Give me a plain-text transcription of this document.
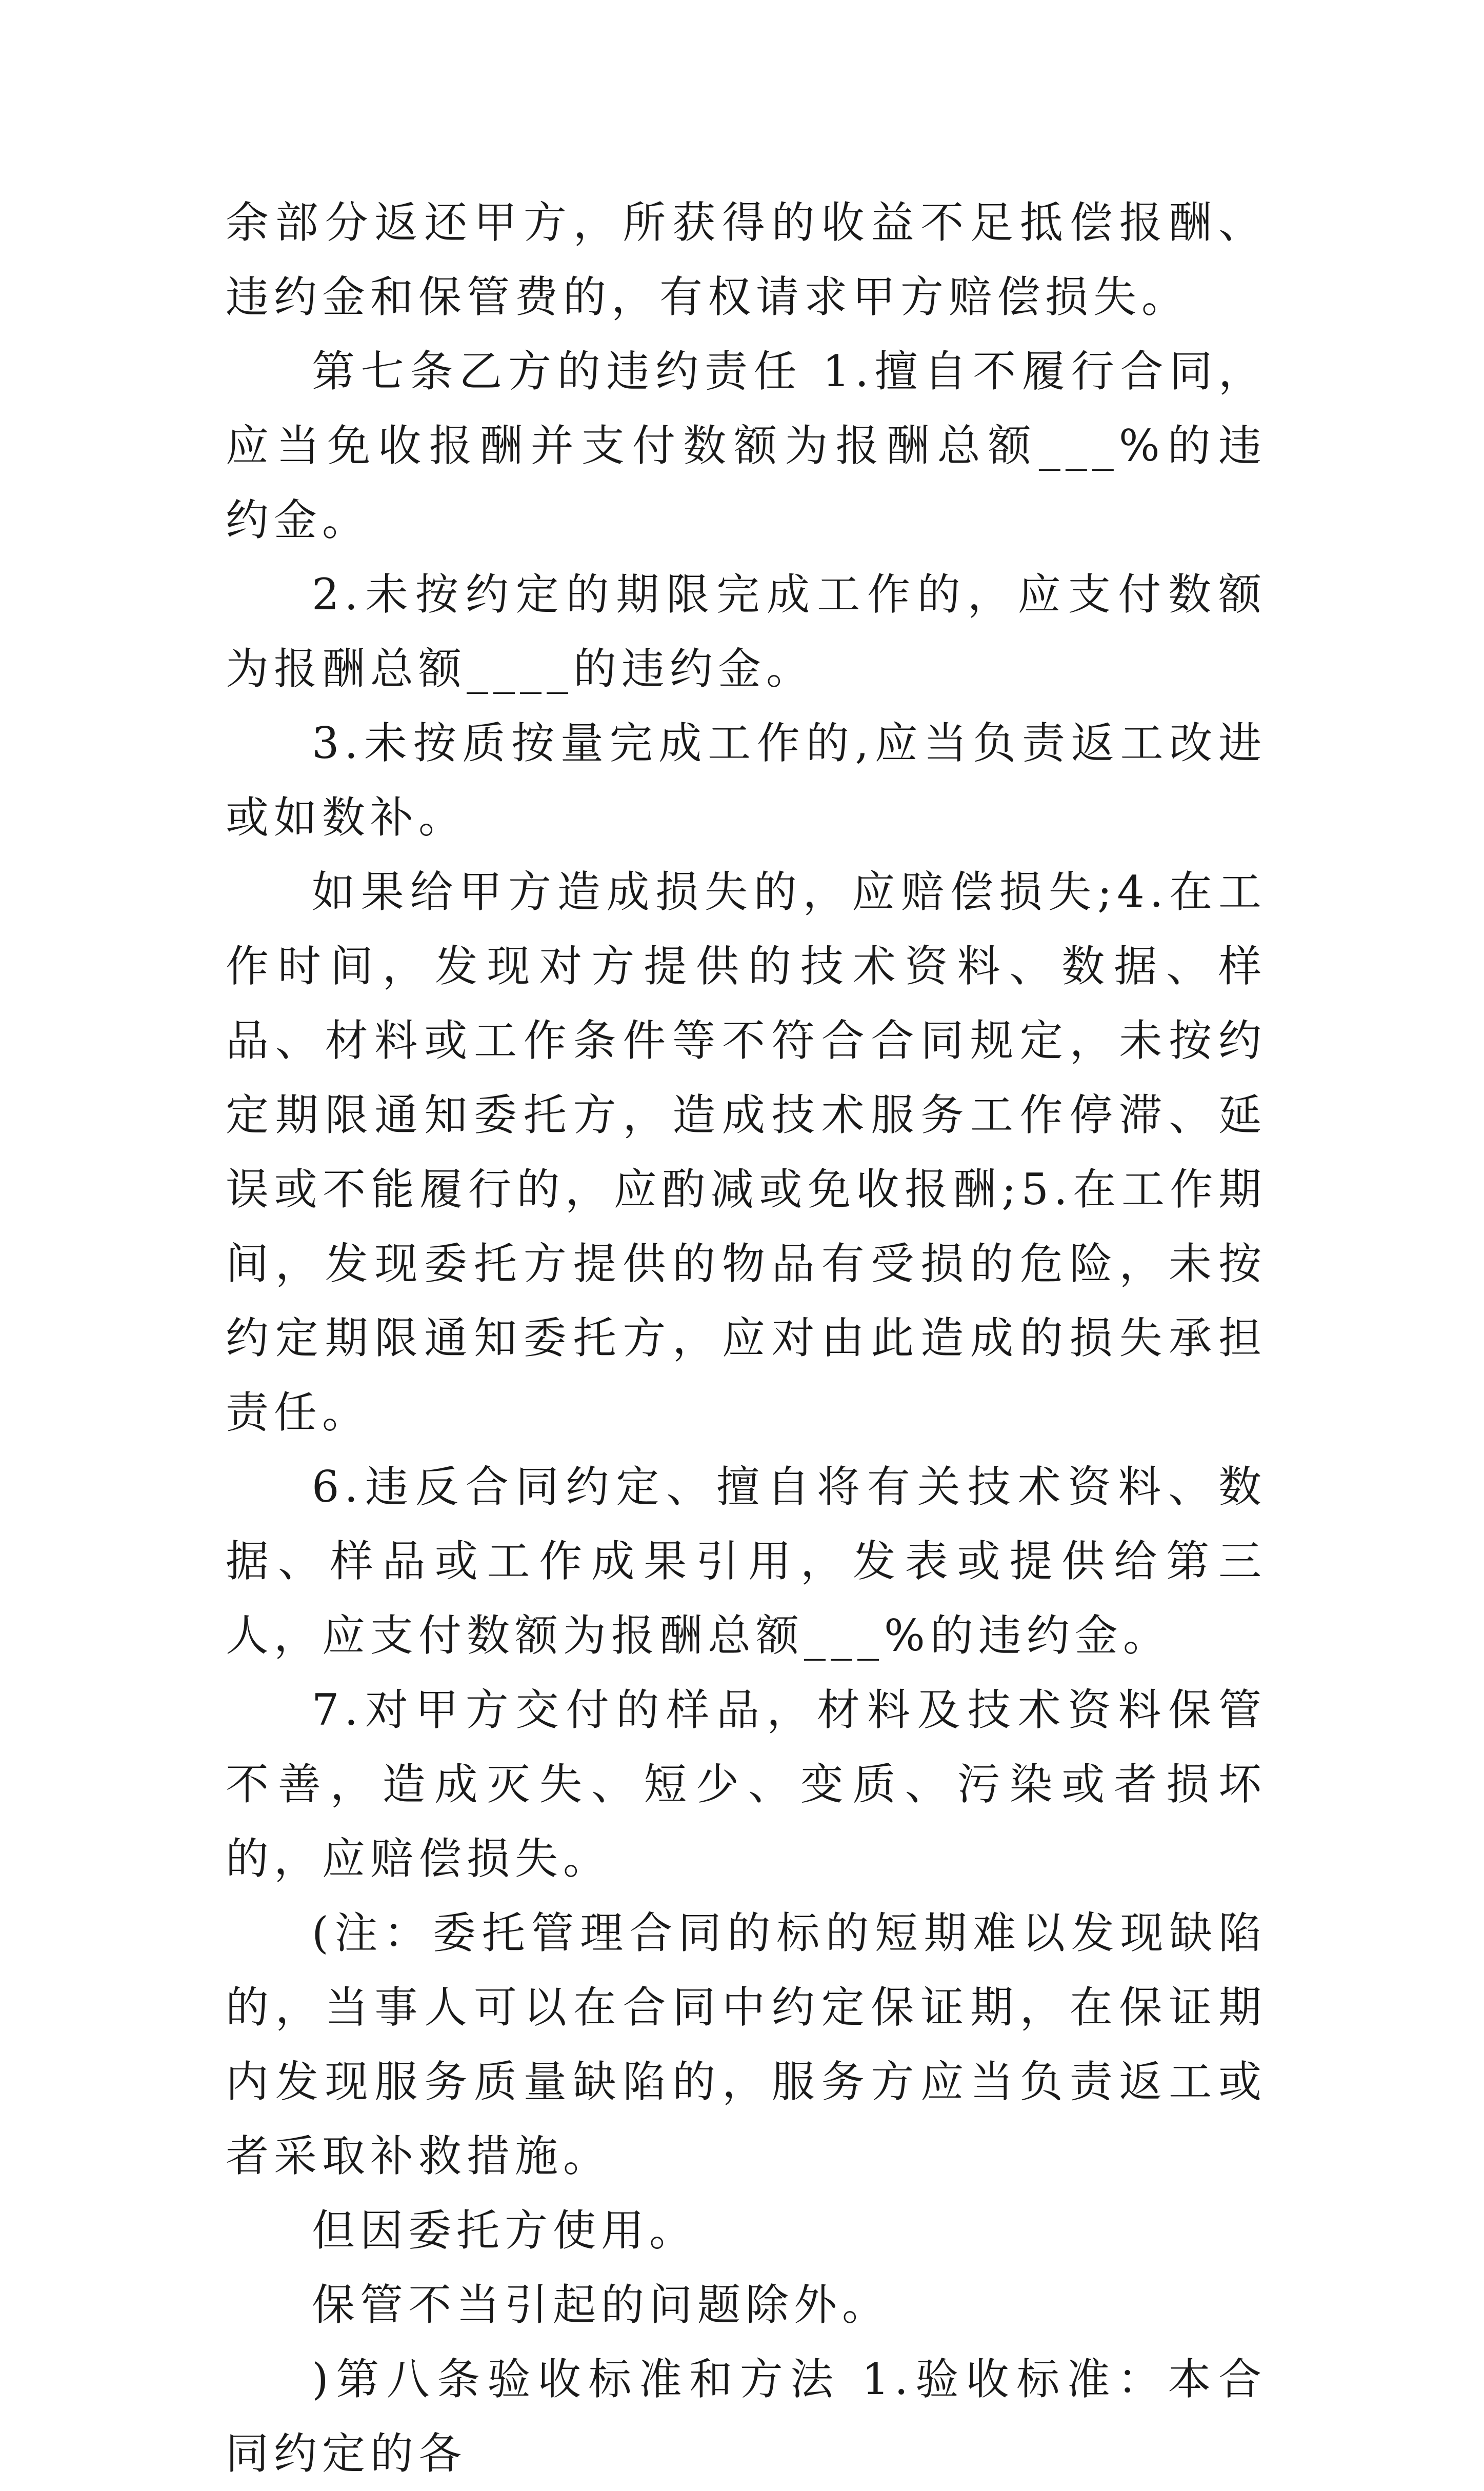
余部分返还甲方，所获得的收益不足抵偿报酬、违约金和保管费的，有权请求甲方赔偿损失。

第七条乙方的违约责任 1.擅自不履行合同，应当免收报酬并支付数额为报酬总额___%的违约金。

2.未按约定的期限完成工作的，应支付数额为报酬总额____的违约金。

3.未按质按量完成工作的,应当负责返工改进或如数补。

如果给甲方造成损失的，应赔偿损失;4.在工作时间，发现对方提供的技术资料、数据、样品、材料或工作条件等不符合合同规定，未按约定期限通知委托方，造成技术服务工作停滞、延误或不能履行的，应酌减或免收报酬;5.在工作期间，发现委托方提供的物品有受损的危险，未按约定期限通知委托方，应对由此造成的损失承担责任。

6.违反合同约定、擅自将有关技术资料、数据、样品或工作成果引用，发表或提供给第三人，应支付数额为报酬总额___%的违约金。

7.对甲方交付的样品，材料及技术资料保管不善，造成灭失、短少、变质、污染或者损坏的，应赔偿损失。

(注：委托管理合同的标的短期难以发现缺陷的，当事人可以在合同中约定保证期，在保证期内发现服务质量缺陷的，服务方应当负责返工或者采取补救措施。

但因委托方使用。

保管不当引起的问题除外。

)第八条验收标准和方法 1.验收标准：本合同约定的各
